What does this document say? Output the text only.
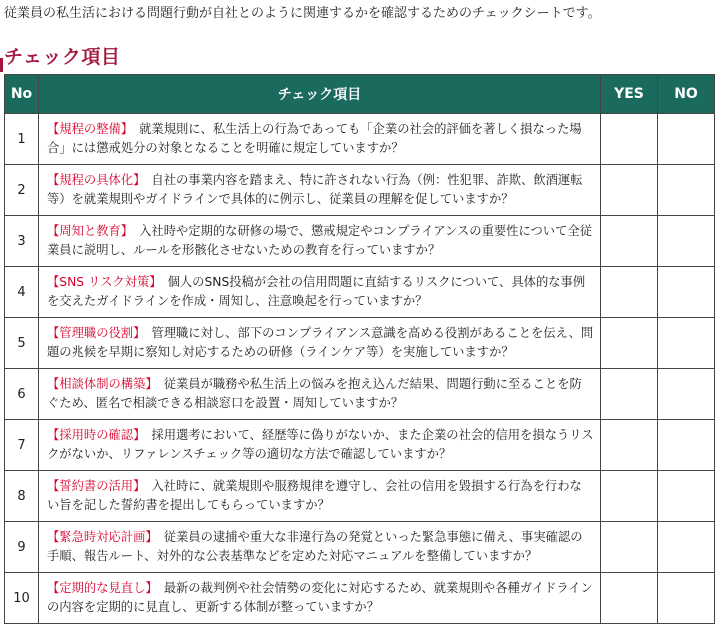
従業員の私生活における問題行動が自社とのように関連するかを確認するためのチェックシートです。
チェック項目
No	チェック項目	YES	NO
1	【規程の整備】 就業規則に、私生活上の行為であっても「企業の社会的評価を著しく損なった場合」には懲戒処分の対象となることを明確に規定していますか？		
2	【規程の具体化】 自社の事業内容を踏まえ、特に許されない行為（例：性犯罪、詐欺、飲酒運転等）を就業規則やガイドラインで具体的に例示し、従業員の理解を促していますか？		
3	【周知と教育】 入社時や定期的な研修の場で、懲戒規定やコンプライアンスの重要性について全従業員に説明し、ルールを形骸化させないための教育を行っていますか？		
4	【SNS リスク対策】 個人のSNS投稿が会社の信用問題に直結するリスクについて、具体的な事例を交えたガイドラインを作成・周知し、注意喚起を行っていますか？		
5	【管理職の役割】 管理職に対し、部下のコンプライアンス意識を高める役割があることを伝え、問題の兆候を早期に察知し対応するための研修（ラインケア等）を実施していますか？		
6	【相談体制の構築】 従業員が職務や私生活上の悩みを抱え込んだ結果、問題行動に至ることを防ぐため、匿名で相談できる相談窓口を設置・周知していますか？		
7	【採用時の確認】 採用選考において、経歴等に偽りがないか、また企業の社会的信用を損なうリスクがないか、リファレンスチェック等の適切な方法で確認していますか？		
8	【誓約書の活用】 入社時に、就業規則や服務規律を遵守し、会社の信用を毀損する行為を行わない旨を記した誓約書を提出してもらっていますか？		
9	【緊急時対応計画】 従業員の逮捕や重大な非違行為の発覚といった緊急事態に備え、事実確認の手順、報告ルート、対外的な公表基準などを定めた対応マニュアルを整備していますか？		
10	【定期的な見直し】 最新の裁判例や社会情勢の変化に対応するため、就業規則や各種ガイドラインの内容を定期的に見直し、更新する体制が整っていますか？		
